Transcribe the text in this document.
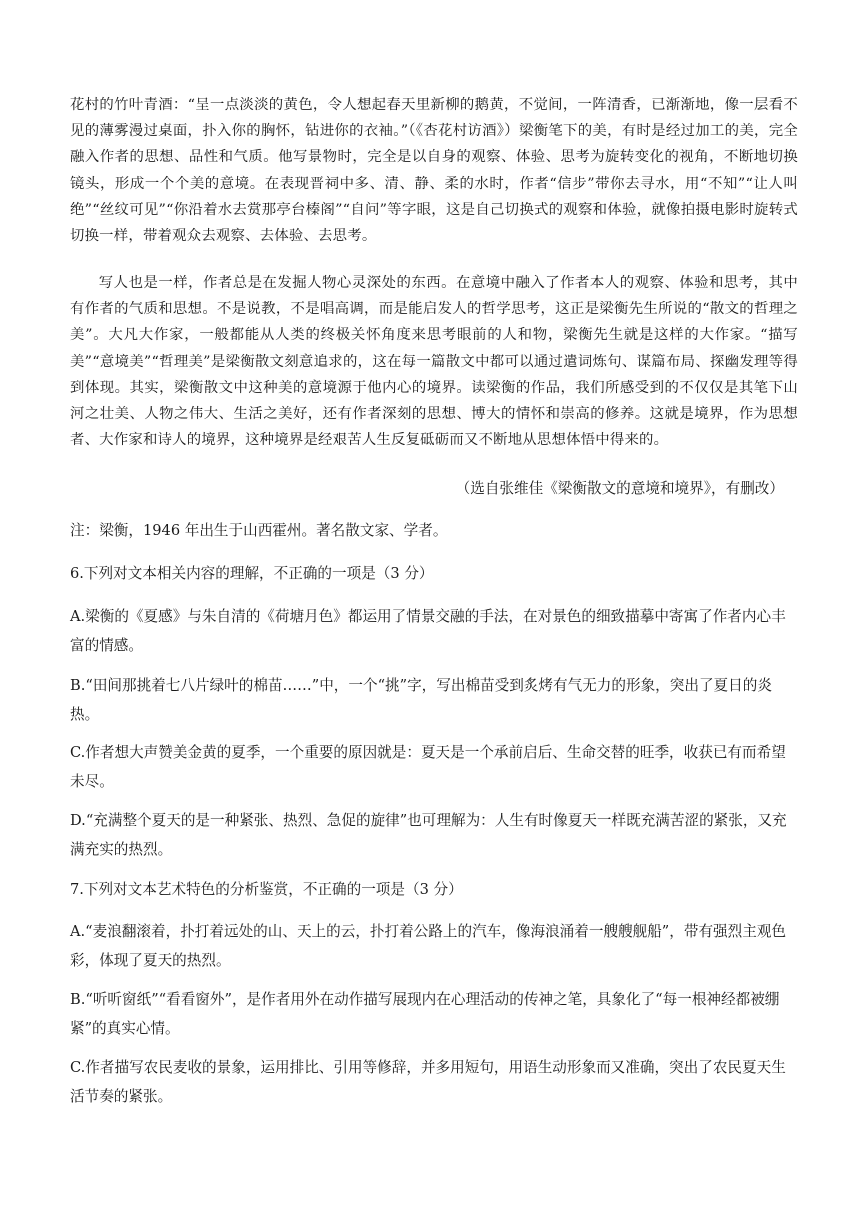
花村的竹叶青酒：“呈一点淡淡的黄色，令人想起春天里新柳的鹅黄，不觉间，一阵清香，已渐渐地，像一层看不见的薄雾漫过桌面，扑入你的胸怀，钻进你的衣袖。”（《杏花村访酒》）梁衡笔下的美，有时是经过加工的美，完全融入作者的思想、品性和气质。他写景物时，完全是以自身的观察、体验、思考为旋转变化的视角，不断地切换镜头，形成一个个美的意境。在表现晋祠中多、清、静、柔的水时，作者“信步”带你去寻水，用“不知”“让人叫绝”“丝纹可见”“你沿着水去赏那亭台榛阁”“自问”等字眼，这是自己切换式的观察和体验，就像拍摄电影时旋转式切换一样，带着观众去观察、去体验、去思考。

写人也是一样，作者总是在发掘人物心灵深处的东西。在意境中融入了作者本人的观察、体验和思考，其中有作者的气质和思想。不是说教，不是唱高调，而是能启发人的哲学思考，这正是梁衡先生所说的“散文的哲理之美”。大凡大作家，一般都能从人类的终极关怀角度来思考眼前的人和物，梁衡先生就是这样的大作家。“描写美”“意境美”“哲理美”是梁衡散文刻意追求的，这在每一篇散文中都可以通过遣词炼句、谋篇布局、探幽发理等得到体现。其实，梁衡散文中这种美的意境源于他内心的境界。读梁衡的作品，我们所感受到的不仅仅是其笔下山河之壮美、人物之伟大、生活之美好，还有作者深刻的思想、博大的情怀和崇高的修养。这就是境界，作为思想者、大作家和诗人的境界，这种境界是经艰苦人生反复砥砺而又不断地从思想体悟中得来的。

（选自张维佳《梁衡散文的意境和境界》，有删改）

注：梁衡，1946 年出生于山西霍州。著名散文家、学者。

6.下列对文本相关内容的理解，不正确的一项是（3 分）

A.梁衡的《夏感》与朱自清的《荷塘月色》都运用了情景交融的手法，在对景色的细致描摹中寄寓了作者内心丰富的情感。

B.“田间那挑着七八片绿叶的棉苗……”中，一个“挑”字，写出棉苗受到炙烤有气无力的形象，突出了夏日的炎热。

C.作者想大声赞美金黄的夏季，一个重要的原因就是：夏天是一个承前启后、生命交替的旺季，收获已有而希望未尽。

D.“充满整个夏天的是一种紧张、热烈、急促的旋律”也可理解为：人生有时像夏天一样既充满苦涩的紧张，又充满充实的热烈。

7.下列对文本艺术特色的分析鉴赏，不正确的一项是（3 分）

A.“麦浪翻滚着，扑打着远处的山、天上的云，扑打着公路上的汽车，像海浪涌着一艘艘舰船”，带有强烈主观色彩，体现了夏天的热烈。

B.“听听窗纸”“看看窗外”，是作者用外在动作描写展现内在心理活动的传神之笔，具象化了“每一根神经都被绷紧”的真实心情。

C.作者描写农民麦收的景象，运用排比、引用等修辞，并多用短句，用语生动形象而又准确，突出了农民夏天生活节奏的紧张。
